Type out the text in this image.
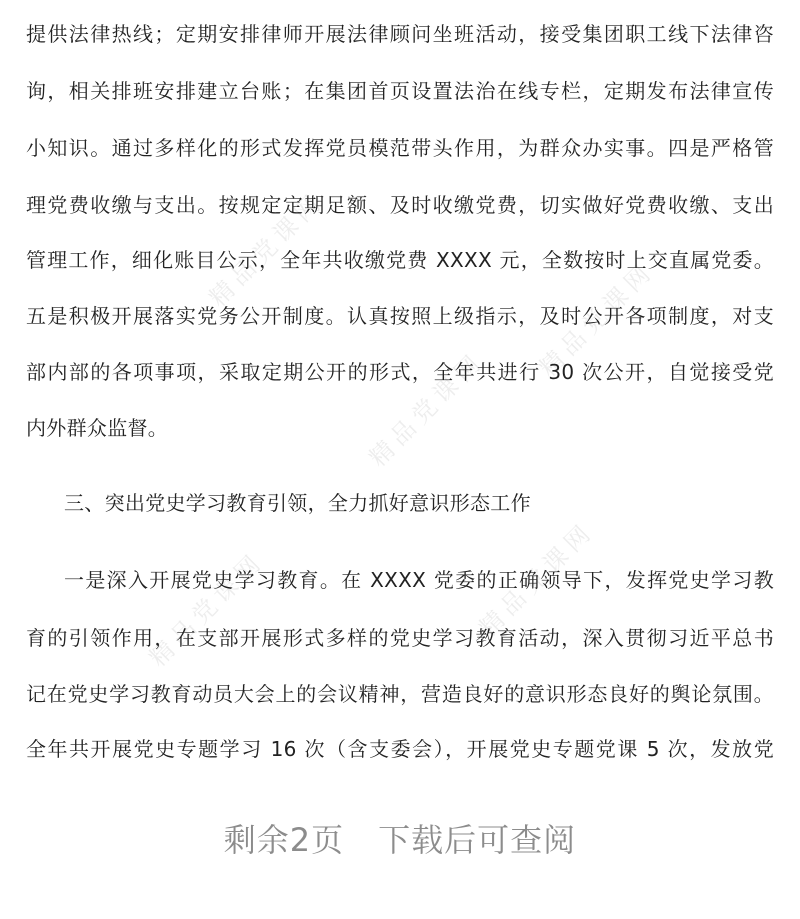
精品党课网
精品党课网
精品党课网
精品党课网	精品党课网
提供法律热线；定期安排律师开展法律顾问坐班活动，接受集团职工线下法律咨
询，相关排班安排建立台账；在集团首页设置法治在线专栏，定期发布法律宣传
小知识。通过多样化的形式发挥党员模范带头作用，为群众办实事。四是严格管
理党费收缴与支出。按规定定期足额、及时收缴党费，切实做好党费收缴、支出
管理工作，细化账目公示，全年共收缴党费 XXXX 元，全数按时上交直属党委。
五是积极开展落实党务公开制度。认真按照上级指示，及时公开各项制度，对支
部内部的各项事项，采取定期公开的形式，全年共进行 30 次公开，自觉接受党
内外群众监督。
三、突出党史学习教育引领，全力抓好意识形态工作
一是深入开展党史学习教育。在 XXXX 党委的正确领导下，发挥党史学习教
育的引领作用，在支部开展形式多样的党史学习教育活动，深入贯彻习近平总书
记在党史学习教育动员大会上的会议精神，营造良好的意识形态良好的舆论氛围。
全年共开展党史专题学习 16 次（含支委会），开展党史专题党课 5 次，发放党
剩余2页 下载后可查阅
